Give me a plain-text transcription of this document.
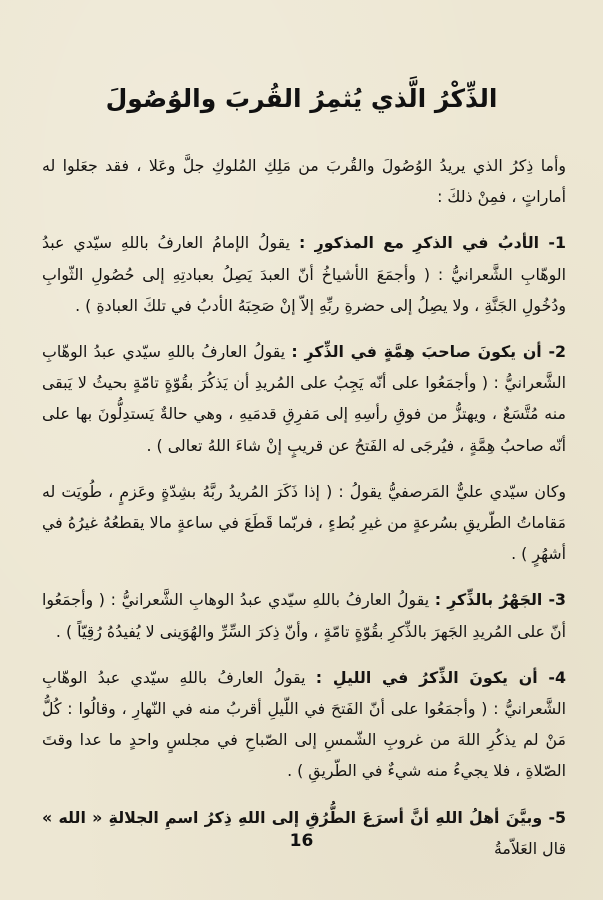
الذِّكْرُ الَّذي يُثمِرُ القُربَ والوُصُولَ

وأما ذِكرُ الذي يريدُ الوُصُولَ والقُربَ من مَلِكِ المُلوكِ جلَّ وعَلا ، فقد جعَلوا له أماراتٍ ، فمِنْ ذلكَ :

1- الأدبُ في الذكرِ مع المذكورِ : يقولُ الإمامُ العارفُ باللهِ سيّدي عبدُ الوهّابِ الشَّعرانيُّ : ( وأجمَعَ الأشياخُ أنّ العبدَ يَصِلُ بعبادتِهِ إلى حُصُولِ الثّوابِ ودُخُولِ الجَنَّةِ ، ولا يصِلُ إلى حضرةِ ربِّهِ إلاّ إنْ صَحِبَهُ الأدبُ في تلكَ العبادةِ ) .

2- أن يكونَ صاحبَ هِمَّةٍ في الذِّكرِ : يقولُ العارفُ باللهِ سيّدي عبدُ الوهّابِ الشَّعرانيُّ : ( وأجمَعُوا على أنّه يَجِبُ على المُريدِ أن يَذكُرَ بقُوّةٍ تامّةٍ بحيثُ لا يَبقى منه مُتَّسَعٌ ، ويهتزُّ من فوقِ رأسِهِ إلى مَفرِقِ قدمَيهِ ، وهي حالةٌ يَستدِلُّونَ بها على أنّه صاحبُ هِمَّةٍ ، فيُرجَى له الفَتحُ عن قريبٍ إنْ شاءَ اللهُ تعالى ) .

وكان سيّدي عليٌّ المَرصفيُّ يقولُ : ( إذا ذَكَرَ المُريدُ ربَّهُ بشِدّةٍ وعَزمٍ ، طُويَت له مَقاماتُ الطّريقِ بسُرعةٍ من غيرِ بُطءٍ ، فربّما قَطَعَ في ساعةٍ مالا يقطعُهُ غيرُهُ في أشهُرٍ ) .

3- الجَهْرُ بالذِّكرِ : يقولُ العارفُ باللهِ سيّدي عبدُ الوهابِ الشَّعرانيُّ : ( وأجمَعُوا أنّ على المُريدِ الجَهرَ بالذِّكرِ بقُوّةٍ تامّةٍ ، وأنّ ذِكرَ السِّرِّ والهُوَينى لا يُفيدُهُ رُقِيّاً ) .

4- أن يكونَ الذِّكرُ في الليلِ : يقولُ العارفُ باللهِ سيّدي عبدُ الوهّابِ الشَّعرانيُّ : ( وأجمَعُوا على أنّ الفَتحَ في اللّيلِ أقربُ منه في النّهارِ ، وقالُوا : كُلُّ مَنْ لم يذكُرِ اللهَ من غروبِ الشّمسِ إلى الصّباحِ في مجلسٍ واحدٍ ما عدا وقتَ الصّلاةِ ، فلا يجيءُ منه شيءٌ في الطّريقِ ) .

5- وبيَّنَ أهلُ اللهِ أنَّ أسرَعَ الطُّرُقِ إلى اللهِ ذِكرُ اسمِ الجلالةِ « الله » قال العَلاّمةُ

16
